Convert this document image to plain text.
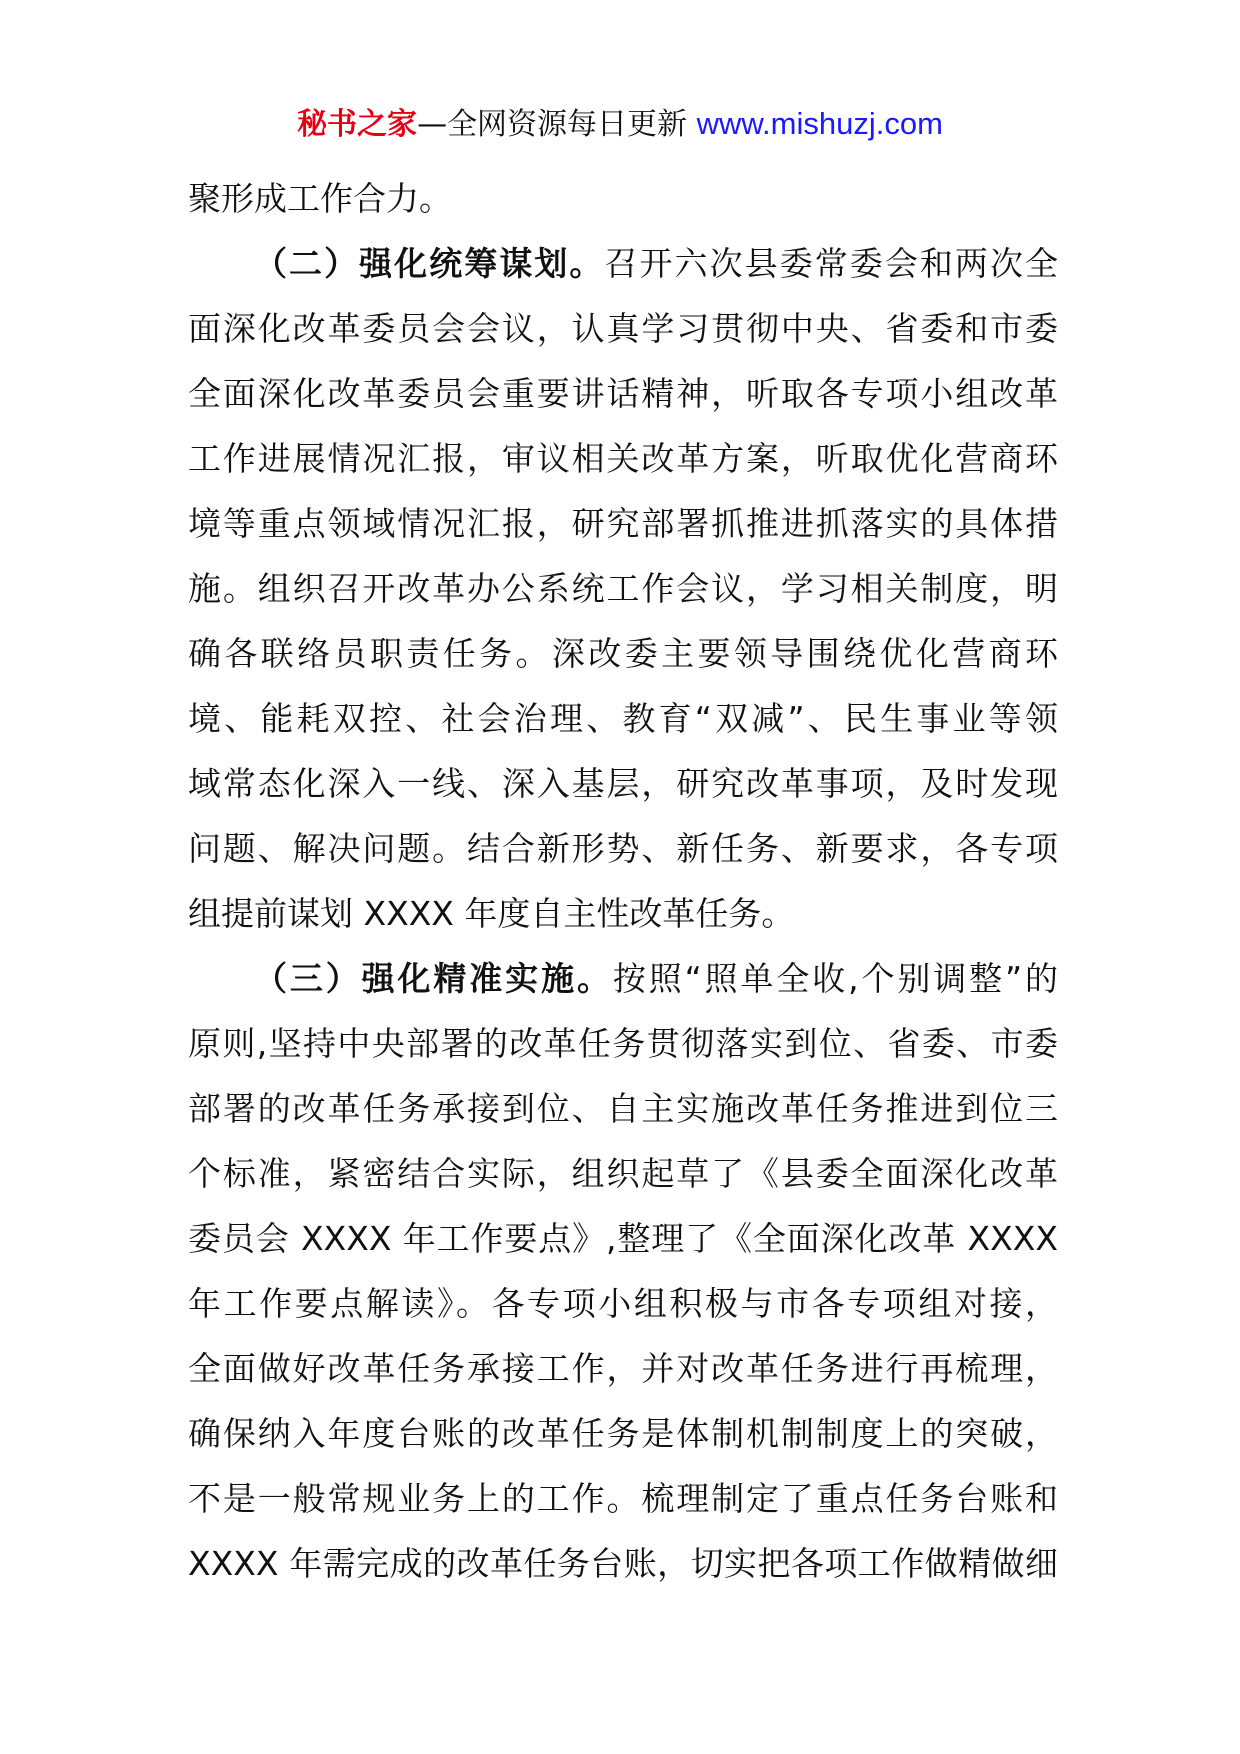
秘书之家—全网资源每日更新 www.mishuzj.com
聚形成工作合力。
（二）强化统筹谋划。召开六次县委常委会和两次全
面深化改革委员会会议，认真学习贯彻中央、省委和市委
全面深化改革委员会重要讲话精神，听取各专项小组改革
工作进展情况汇报，审议相关改革方案，听取优化营商环
境等重点领域情况汇报，研究部署抓推进抓落实的具体措
施。组织召开改革办公系统工作会议，学习相关制度，明
确各联络员职责任务。深改委主要领导围绕优化营商环
境、能耗双控、社会治理、教育“双减”、民生事业等领
域常态化深入一线、深入基层，研究改革事项，及时发现
问题、解决问题。结合新形势、新任务、新要求，各专项
组提前谋划 XXXX 年度自主性改革任务。
（三）强化精准实施。按照“照单全收,个别调整”的
原则,坚持中央部署的改革任务贯彻落实到位、省委、市委
部署的改革任务承接到位、自主实施改革任务推进到位三
个标准，紧密结合实际，组织起草了《县委全面深化改革
委员会 XXXX 年工作要点》,整理了《全面深化改革 XXXX
年工作要点解读》。各专项小组积极与市各专项组对接，
全面做好改革任务承接工作，并对改革任务进行再梳理，
确保纳入年度台账的改革任务是体制机制制度上的突破，
不是一般常规业务上的工作。梳理制定了重点任务台账和
XXXX 年需完成的改革任务台账，切实把各项工作做精做细
